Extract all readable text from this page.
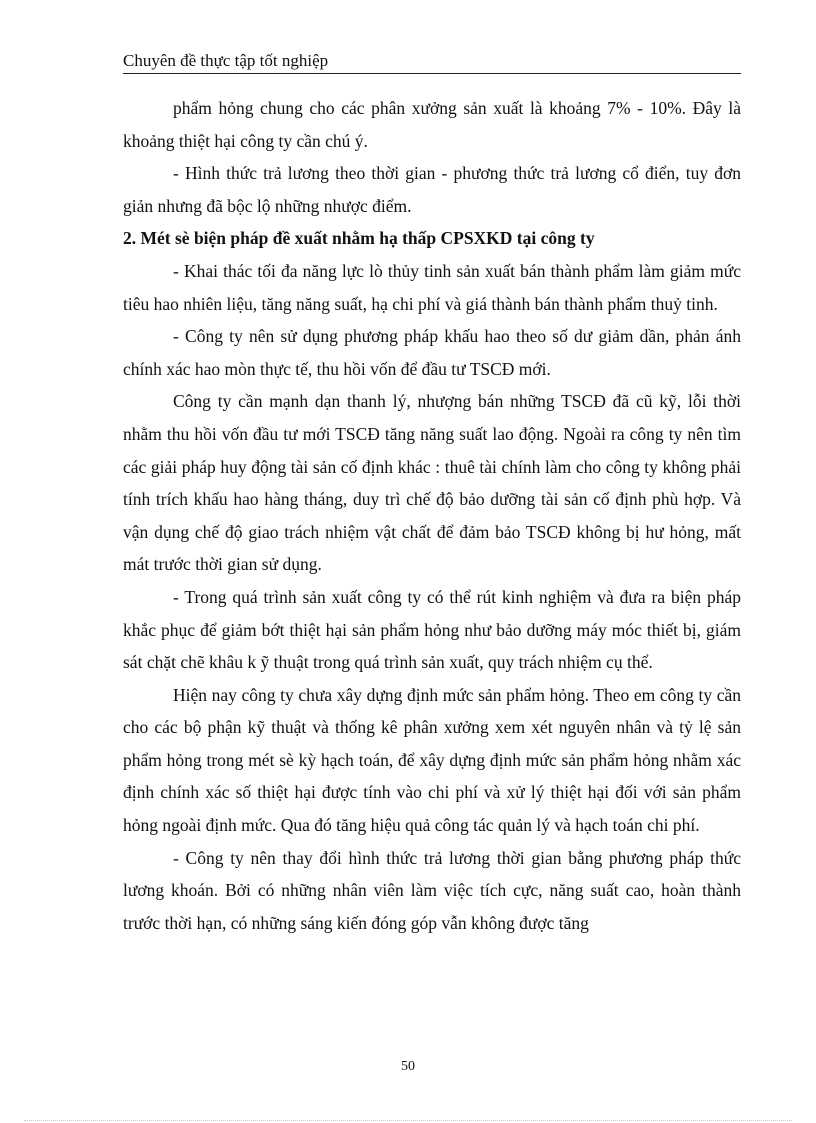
Chuyên đề thực tập tốt nghiệp

phẩm hỏng chung cho các phân xưởng sản xuất là khoảng 7% - 10%. Đây là khoảng thiệt hại công ty cần chú ý.

- Hình thức trả lương theo thời gian - phương thức trả lương cổ điển, tuy đơn giản nhưng đã bộc lộ những nhược điểm.

2. Mét sè biện pháp đề xuất nhằm hạ thấp CPSXKD tại công ty

- Khai thác tối đa năng lực lò thủy tinh sản xuất bán thành phẩm làm giảm mức tiêu hao nhiên liệu, tăng năng suất, hạ chi phí và giá thành bán thành phẩm thuỷ tinh.

- Công ty nên sử dụng phương pháp khấu hao theo số dư giảm dần, phản ánh chính xác hao mòn thực tế, thu hồi vốn để đầu tư TSCĐ mới.

Công ty cần mạnh dạn thanh lý, nhượng bán những TSCĐ đã cũ kỹ, lỗi thời nhằm thu hồi vốn đầu tư mới TSCĐ tăng năng suất lao động. Ngoài ra công ty nên tìm các giải pháp huy động tài sản cố định khác : thuê tài chính làm cho công ty không phải tính trích khấu hao hàng tháng, duy trì chế độ bảo dưỡng tài sản cố định phù hợp. Và vận dụng chế độ giao trách nhiệm vật chất để đảm bảo TSCĐ không bị hư hỏng, mất mát trước thời gian sử dụng.

- Trong quá trình sản xuất công ty có thể rút kinh nghiệm và đưa ra biện pháp khắc phục để giảm bớt thiệt hại sản phẩm hỏng như bảo dưỡng máy móc thiết bị, giám sát chặt chẽ khâu k ỹ thuật trong quá trình sản xuất, quy trách nhiệm cụ thể.

Hiện nay công ty chưa xây dựng định mức sản phẩm hỏng. Theo em công ty cần cho các bộ phận kỹ thuật và thống kê phân xưởng xem xét nguyên nhân và tỷ lệ sản phẩm hỏng trong mét sè kỳ hạch toán, để xây dựng định mức sản phẩm hỏng nhằm xác định chính xác số thiệt hại được tính vào chi phí và xử lý thiệt hại đối với sản phẩm hỏng ngoài định mức. Qua đó tăng hiệu quả công tác quản lý và hạch toán chi phí.

- Công ty nên thay đổi hình thức trả lương thời gian bằng phương pháp thức lương khoán. Bởi có những nhân viên làm việc tích cực, năng suất cao, hoàn thành trước thời hạn, có những sáng kiến đóng góp vẫn không được tăng

50
